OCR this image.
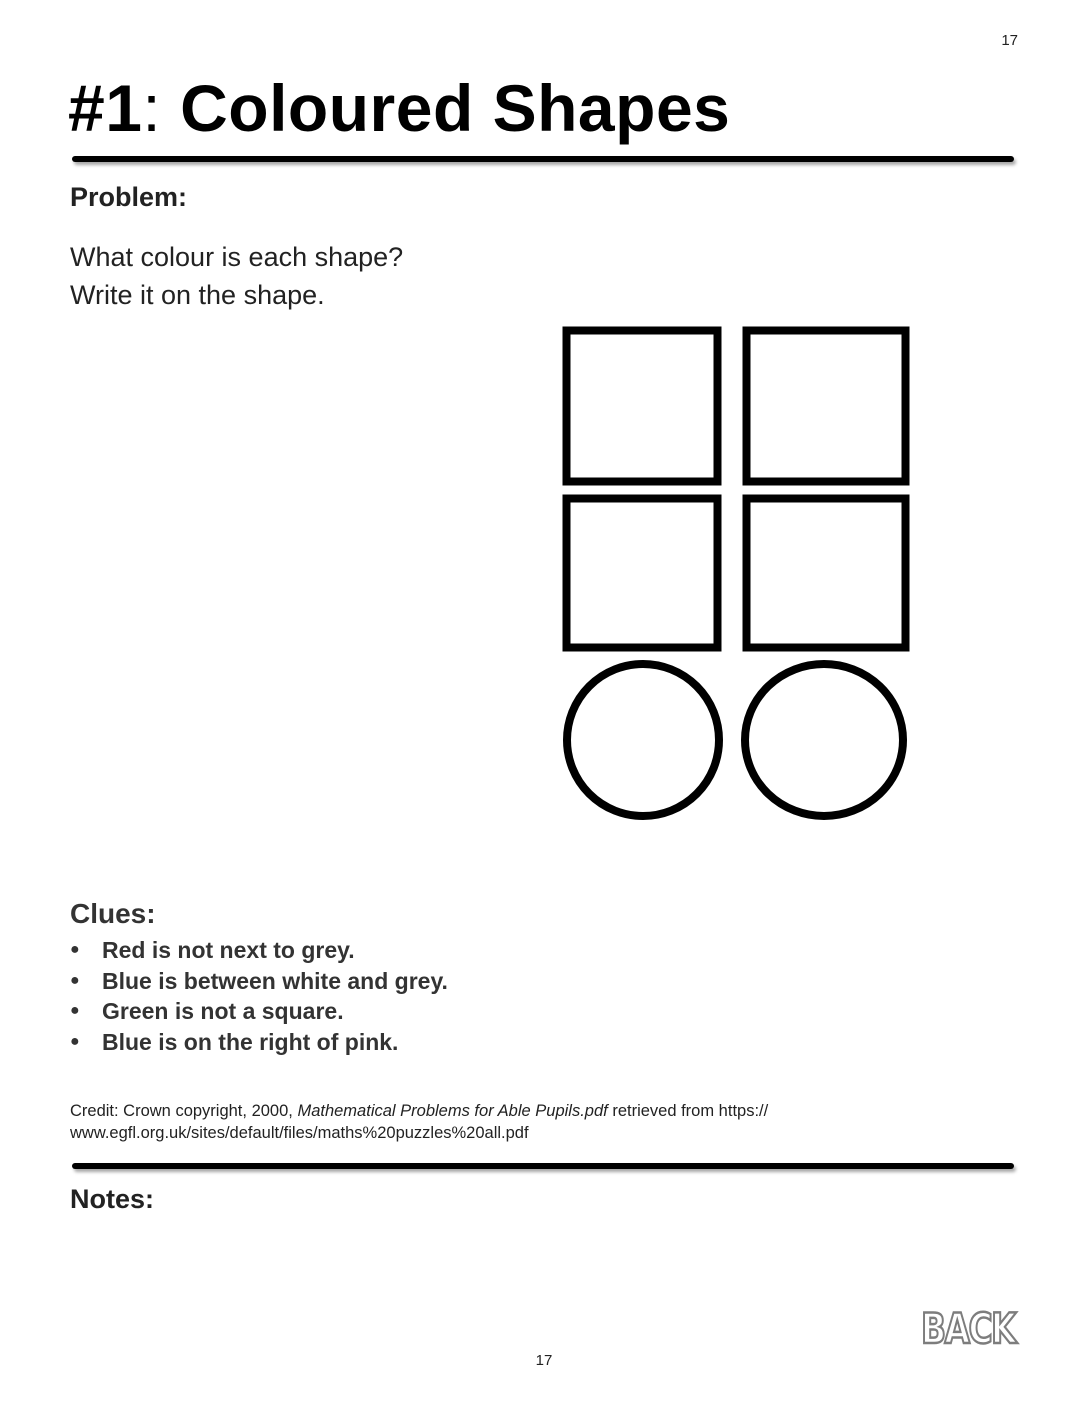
17
#1: Coloured Shapes
Problem:
What colour is each shape?
Write it on the shape.
Clues:
● Red is not next to grey.
● Blue is between white and grey.
● Green is not a square.
● Blue is on the right of pink.
Credit: Crown copyright, 2000, Mathematical Problems for Able Pupils.pdf retrieved from https://
www.egfl.org.uk/sites/default/files/maths%20puzzles%20all.pdf
Notes:
BACK
17
